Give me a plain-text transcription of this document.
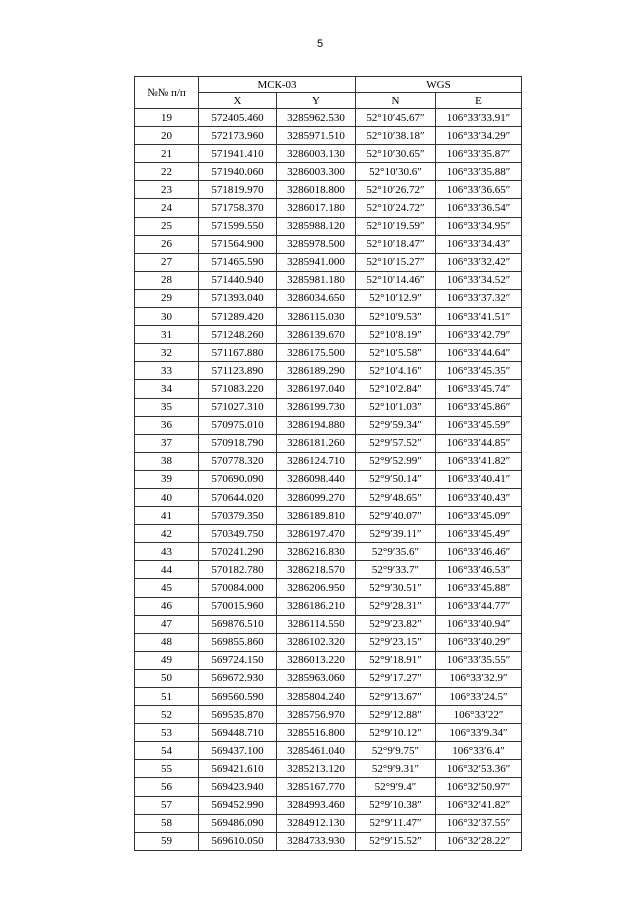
5
№№ п/п	МСК-03		WGS	
	X	Y	N	E
19	572405.460	3285962.530	52°10′45.67″	106°33′33.91″
20	572173.960	3285971.510	52°10′38.18″	106°33′34.29″
21	571941.410	3286003.130	52°10′30.65″	106°33′35.87″
22	571940.060	3286003.300	52°10′30.6″	106°33′35.88″
23	571819.970	3286018.800	52°10′26.72″	106°33′36.65″
24	571758.370	3286017.180	52°10′24.72″	106°33′36.54″
25	571599.550	3285988.120	52°10′19.59″	106°33′34.95″
26	571564.900	3285978.500	52°10′18.47″	106°33′34.43″
27	571465.590	3285941.000	52°10′15.27″	106°33′32.42″
28	571440.940	3285981.180	52°10′14.46″	106°33′34.52″
29	571393.040	3286034.650	52°10′12.9″	106°33′37.32″
30	571289.420	3286115.030	52°10′9.53″	106°33′41.51″
31	571248.260	3286139.670	52°10′8.19″	106°33′42.79″
32	571167.880	3286175.500	52°10′5.58″	106°33′44.64″
33	571123.890	3286189.290	52°10′4.16″	106°33′45.35″
34	571083.220	3286197.040	52°10′2.84″	106°33′45.74″
35	571027.310	3286199.730	52°10′1.03″	106°33′45.86″
36	570975.010	3286194.880	52°9′59.34″	106°33′45.59″
37	570918.790	3286181.260	52°9′57.52″	106°33′44.85″
38	570778.320	3286124.710	52°9′52.99″	106°33′41.82″
39	570690.090	3286098.440	52°9′50.14″	106°33′40.41″
40	570644.020	3286099.270	52°9′48.65″	106°33′40.43″
41	570379.350	3286189.810	52°9′40.07″	106°33′45.09″
42	570349.750	3286197.470	52°9′39.11″	106°33′45.49″
43	570241.290	3286216.830	52°9′35.6″	106°33′46.46″
44	570182.780	3286218.570	52°9′33.7″	106°33′46.53″
45	570084.000	3286206.950	52°9′30.51″	106°33′45.88″
46	570015.960	3286186.210	52°9′28.31″	106°33′44.77″
47	569876.510	3286114.550	52°9′23.82″	106°33′40.94″
48	569855.860	3286102.320	52°9′23.15″	106°33′40.29″
49	569724.150	3286013.220	52°9′18.91″	106°33′35.55″
50	569672.930	3285963.060	52°9′17.27″	106°33′32.9″
51	569560.590	3285804.240	52°9′13.67″	106°33′24.5″
52	569535.870	3285756.970	52°9′12.88″	106°33′22″
53	569448.710	3285516.800	52°9′10.12″	106°33′9.34″
54	569437.100	3285461.040	52°9′9.75″	106°33′6.4″
55	569421.610	3285213.120	52°9′9.31″	106°32′53.36″
56	569423.940	3285167.770	52°9′9.4″	106°32′50.97″
57	569452.990	3284993.460	52°9′10.38″	106°32′41.82″
58	569486.090	3284912.130	52°9′11.47″	106°32′37.55″
59	569610.050	3284733.930	52°9′15.52″	106°32′28.22″
